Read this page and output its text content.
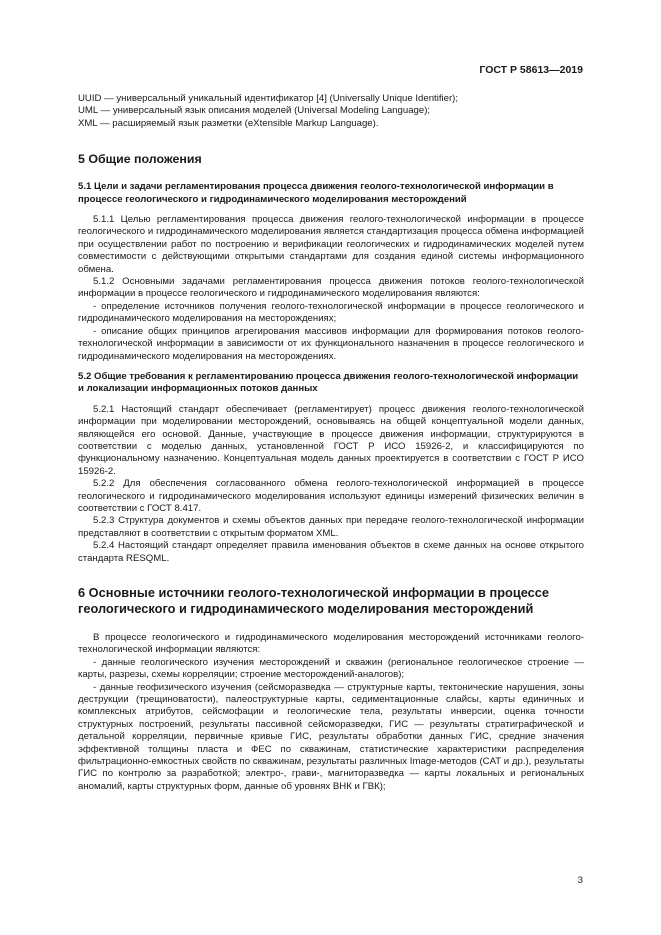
ГОСТ Р 58613—2019

UUID — универсальный уникальный идентификатор [4] (Universally Unique Identifier);

UML — универсальный язык описания моделей (Universal Modeling Language);

XML — расширяемый язык разметки (eXtensible Markup Language).

5 Общие положения
5.1 Цели и задачи регламентирования процесса движения геолого-технологической информации в процессе геологического и гидродинамического моделирования месторождений

5.1.1 Целью регламентирования процесса движения геолого-технологической информации в процессе геологического и гидродинамического моделирования является стандартизация процесса обмена информацией при осуществлении работ по построению и верификации геологических и гидродинамических моделей путем совместимости с действующими открытыми стандартами для создания единой системы информационного обмена.

5.1.2 Основными задачами регламентирования процесса движения потоков геолого-технологической информации в процессе геологического и гидродинамического моделирования являются:

- определение источников получения геолого-технологической информации в процессе геологического и гидродинамического моделирования на месторождениях;

- описание общих принципов агрегирования массивов информации для формирования потоков геолого-технологической информации в зависимости от их функционального назначения в процессе геологического и гидродинамического моделирования на месторождениях.

5.2 Общие требования к регламентированию процесса движения геолого-технологической информации и локализации информационных потоков данных

5.2.1 Настоящий стандарт обеспечивает (регламентирует) процесс движения геолого-технологической информации при моделировании месторождений, основываясь на общей концептуальной модели данных, являющейся его основой. Данные, участвующие в процессе движения информации, структурируются в соответствии с моделью данных, установленной ГОСТ Р ИСО 15926-2, и классифицируются по функциональному назначению. Концептуальная модель данных проектируется в соответствии с ГОСТ Р ИСО 15926-2.

5.2.2 Для обеспечения согласованного обмена геолого-технологической информацией в процессе геологического и гидродинамического моделирования используют единицы измерений физических величин в соответствии с ГОСТ 8.417.

5.2.3 Структура документов и схемы объектов данных при передаче геолого-технологической информации представляют в соответствии с открытым форматом XML.

5.2.4 Настоящий стандарт определяет правила именования объектов в схеме данных на основе открытого стандарта RESQML.

6 Основные источники геолого-технологической информации в процессе геологического и гидродинамического моделирования месторождений

В процессе геологического и гидродинамического моделирования месторождений источниками геолого-технологической информации являются:

- данные геологического изучения месторождений и скважин (региональное геологическое строение — карты, разрезы, схемы корреляции; строение месторождений-аналогов);

- данные геофизического изучения (сейсморазведка — структурные карты, тектонические нарушения, зоны деструкции (трещиноватости), палеоструктурные карты, седиментационные слайсы, карты единичных и комплексных атрибутов, сейсмофации и геологические тела, результаты инверсии, оценка точности структурных построений, результаты пассивной сейсморазведки, ГИС — результаты стратиграфической и детальной корреляции, первичные кривые ГИС, результаты обработки данных ГИС, средние значения эффективной толщины пласта и ФЕС по скважинам, статистические характеристики распределения фильтрационно-емкостных свойств по скважинам, результаты различных Image-методов (CAT и др.), результаты ГИС по контролю за разработкой; электро-, грави-, магниторазведка — карты локальных и региональных аномалий, карты структурных форм, данные об уровнях ВНК и ГВК);

3
